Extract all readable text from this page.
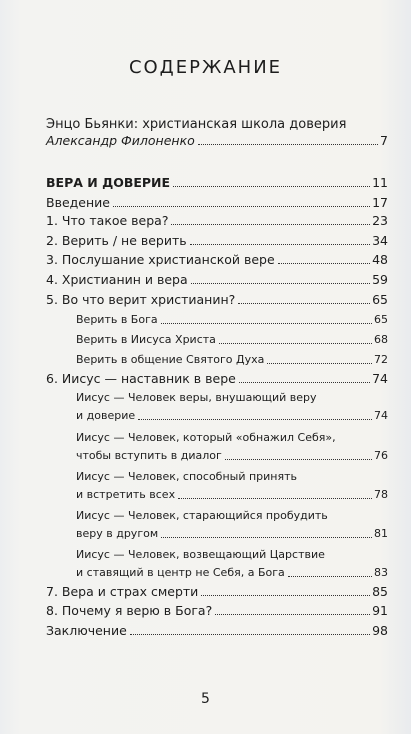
СОДЕРЖАНИЕ
Энцо Бьянки: христианская школа доверия
Александр Филоненко	7
ВЕРА И ДОВЕРИЕ	11
Введение	17
1. Что такое вера?	23
2. Верить / не верить	34
3. Послушание христианской вере	48
4. Христианин и вера	59
5. Во что верит христианин?	65
Верить в Бога	65
Верить в Иисуса Христа	68
Верить в общение Святого Духа	72
6. Иисус — наставник в вере	74
Иисус — Человек веры, внушающий веру
и доверие	74
Иисус — Человек, который «обнажил Себя»,
чтобы вступить в диалог	76
Иисус — Человек, способный принять
и встретить всех	78
Иисус — Человек, старающийся пробудить
веру в другом	81
Иисус — Человек, возвещающий Царствие
и ставящий в центр не Себя, а Бога	83
7. Вера и страх смерти	85
8. Почему я верю в Бога?	91
Заключение	98
5
